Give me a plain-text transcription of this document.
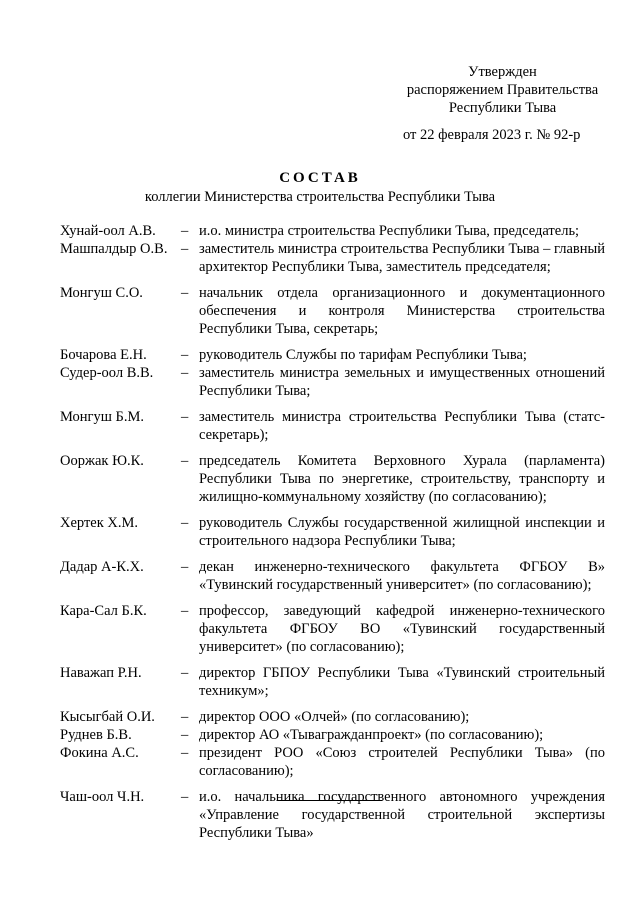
Утвержден
распоряжением Правительства
Республики Тыва
от 22 февраля 2023 г. № 92-р
СОСТАВ
коллегии Министерства строительства Республики Тыва
Хунай-оол А.В.	– и.о. министра строительства Республики Тыва, председатель;
Машпалдыр О.В. – заместитель министра строительства Республики Тыва – главный архитектор Республики Тыва, заместитель председателя;
Монгуш С.О.	– начальник отдела организационного и документационного обеспечения и контроля Министерства строительства Республики Тыва, секретарь;
Бочарова Е.Н.	– руководитель Службы по тарифам Республики Тыва;
Судер-оол В.В.	– заместитель министра земельных и имущественных отношений Республики Тыва;
Монгуш Б.М.	– заместитель министра строительства Республики Тыва (статс-секретарь);
Ооржак Ю.К.	– председатель Комитета Верховного Хурала (парламента) Республики Тыва по энергетике, строительству, транспорту и жилищно-коммунальному хозяйству (по согласованию);
Хертек Х.М.	– руководитель Службы государственной жилищной инспекции и строительного надзора Республики Тыва;
Дадар А-К.Х.	– декан инженерно-технического факультета ФГБОУ В» «Тувинский государственный университет» (по согласованию);
Кара-Сал Б.К.	– профессор, заведующий кафедрой инженерно-технического факультета ФГБОУ ВО «Тувинский государственный университет» (по согласованию);
Наважап Р.Н.	– директор ГБПОУ Республики Тыва «Тувинский строительный техникум»;
Кысыгбай О.И.	– директор ООО «Олчей» (по согласованию);
Руднев Б.В.	– директор АО «Тывагражданпроект» (по согласованию);
Фокина А.С.	– президент РОО «Союз строителей Республики Тыва» (по согласованию);
Чаш-оол Ч.Н.	– и.о. начальника государственного автономного учреждения «Управление государственной строительной экспертизы Республики Тыва»
